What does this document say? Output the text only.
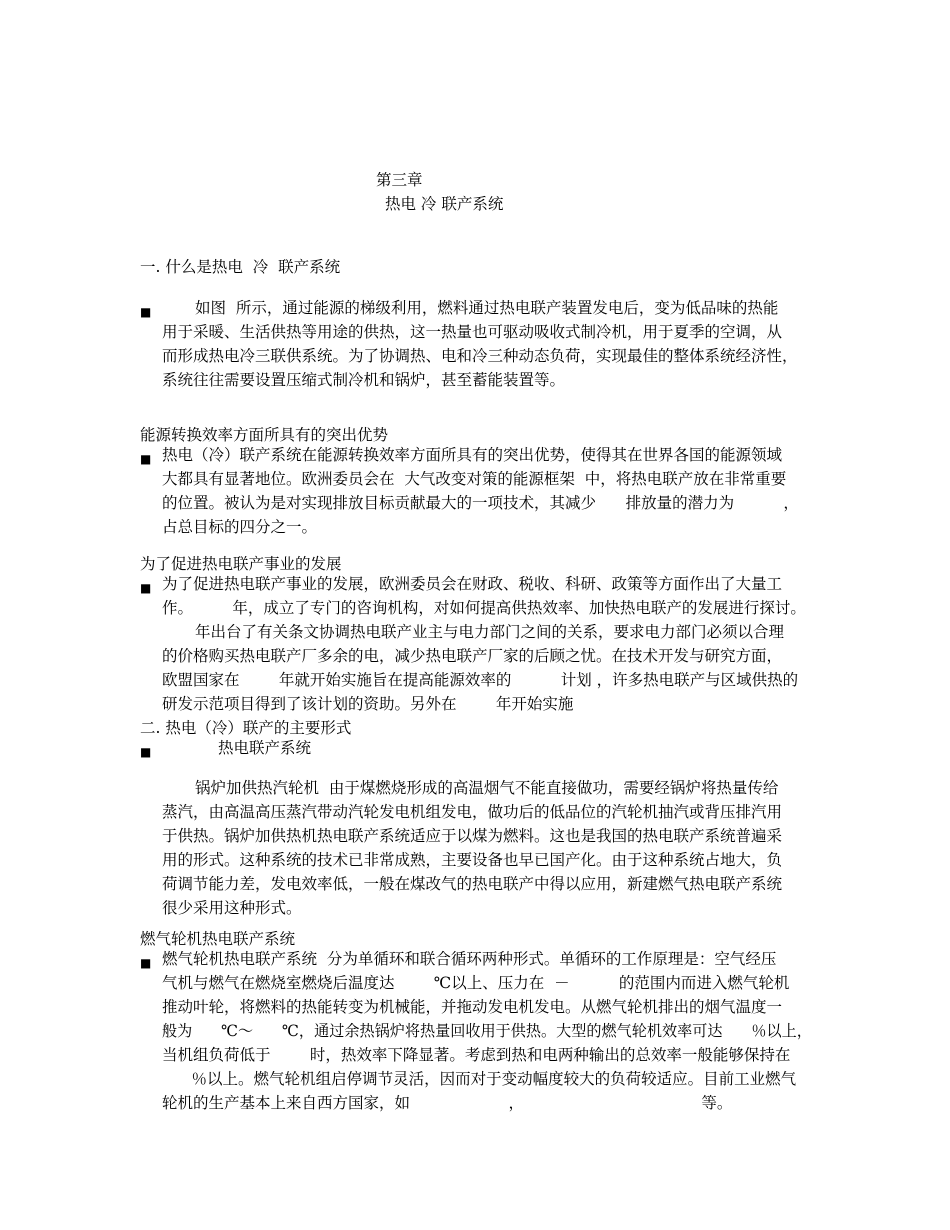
第三章
热电 冷 联产系统
一. 什么是热电  冷  联产系统
■	如图  所示，通过能源的梯级利用，燃料通过热电联产装置发电后，变为低品味的热能
用于采暖、生活供热等用途的供热，这一热量也可驱动吸收式制冷机，用于夏季的空调，从
而形成热电冷三联供系统。为了协调热、电和冷三种动态负荷，实现最佳的整体系统经济性，
系统往往需要设置压缩式制冷机和锅炉，甚至蓄能装置等。
能源转换效率方面所具有的突出优势
■ 热电（冷）联产系统在能源转换效率方面所具有的突出优势，使得其在世界各国的能源领域
大都具有显著地位。欧洲委员会在  大气改变对策的能源框架  中，将热电联产放在非常重要
的位置。被认为是对实现排放目标贡献最大的一项技术，其减少      排放量的潜力为          ，
占总目标的四分之一。
为了促进热电联产事业的发展
■ 为了促进热电联产事业的发展，欧洲委员会在财政、税收、科研、政策等方面作出了大量工
作。        年，成立了专门的咨询机构，对如何提高供热效率、加快热电联产的发展进行探讨。
年出台了有关条文协调热电联产业主与电力部门之间的关系，要求电力部门必须以合理
的价格购买热电联产厂多余的电，减少热电联产厂家的后顾之忧。在技术开发与研究方面，
欧盟国家在        年就开始实施旨在提高能源效率的          计划 ，许多热电联产与区域供热的
研发示范项目得到了该计划的资助。另外在        年开始实施
二. 热电（冷）联产的主要形式
■	热电联产系统
锅炉加供热汽轮机  由于煤燃烧形成的高温烟气不能直接做功，需要经锅炉将热量传给
蒸汽，由高温高压蒸汽带动汽轮发电机组发电，做功后的低品位的汽轮机抽汽或背压排汽用
于供热。锅炉加供热机热电联产系统适应于以煤为燃料。这也是我国的热电联产系统普遍采
用的形式。这种系统的技术已非常成熟，主要设备也早已国产化。由于这种系统占地大，负
荷调节能力差，发电效率低，一般在煤改气的热电联产中得以应用，新建燃气热电联产系统
很少采用这种形式。
燃气轮机热电联产系统
■ 燃气轮机热电联产系统  分为单循环和联合循环两种形式。单循环的工作原理是：空气经压
气机与燃气在燃烧室燃烧后温度达        ℃以上、压力在  －          的范围内而进入燃气轮机
推动叶轮，将燃料的热能转变为机械能，并拖动发电机发电。从燃气轮机排出的烟气温度一
般为      ℃～      ℃，通过余热锅炉将热量回收用于供热。大型的燃气轮机效率可达      ％以上，
当机组负荷低于        时，热效率下降显著。考虑到热和电两种输出的总效率一般能够保持在
％以上。燃气轮机组启停调节灵活，因而对于变动幅度较大的负荷较适应。目前工业燃气
轮机的生产基本上来自西方国家，如                    ，                                    等。
